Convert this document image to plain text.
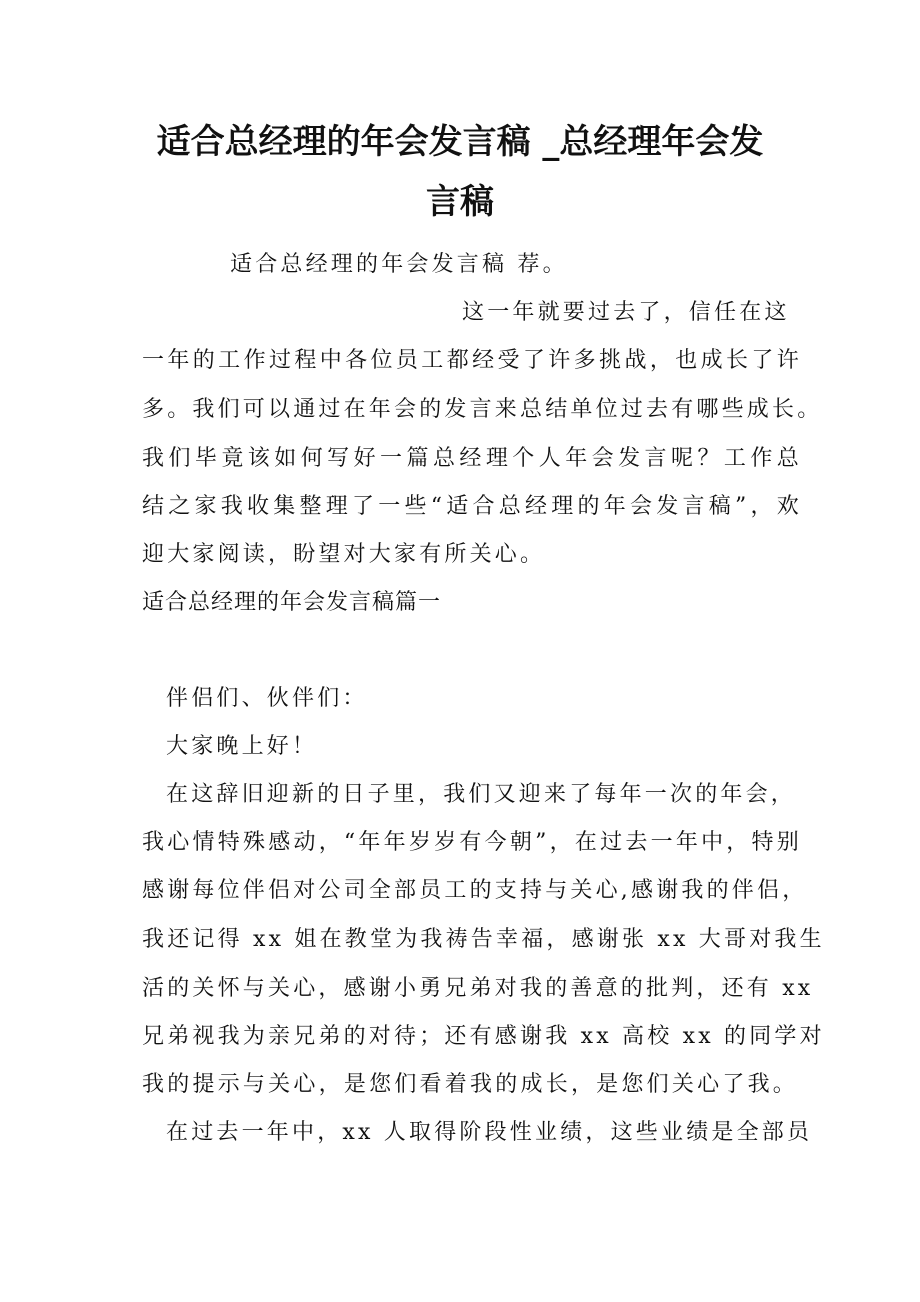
适合总经理的年会发言稿 _总经理年会发
言稿
适合总经理的年会发言稿 荐。
这一年就要过去了，信任在这
一年的工作过程中各位员工都经受了许多挑战，也成长了许
多。我们可以通过在年会的发言来总结单位过去有哪些成长。
我们毕竟该如何写好一篇总经理个人年会发言呢？工作总
结之家我收集整理了一些“适合总经理的年会发言稿”，欢
迎大家阅读，盼望对大家有所关心。
适合总经理的年会发言稿篇一
伴侣们、伙伴们：
大家晚上好！
在这辞旧迎新的日子里，我们又迎来了每年一次的年会，
我心情特殊感动，“年年岁岁有今朝”，在过去一年中，特别
感谢每位伴侣对公司全部员工的支持与关心,感谢我的伴侣，
我还记得 xx 姐在教堂为我祷告幸福，感谢张 xx 大哥对我生
活的关怀与关心，感谢小勇兄弟对我的善意的批判，还有 xx
兄弟视我为亲兄弟的对待；还有感谢我 xx 高校 xx 的同学对
我的提示与关心，是您们看着我的成长，是您们关心了我。
在过去一年中，xx 人取得阶段性业绩，这些业绩是全部员
